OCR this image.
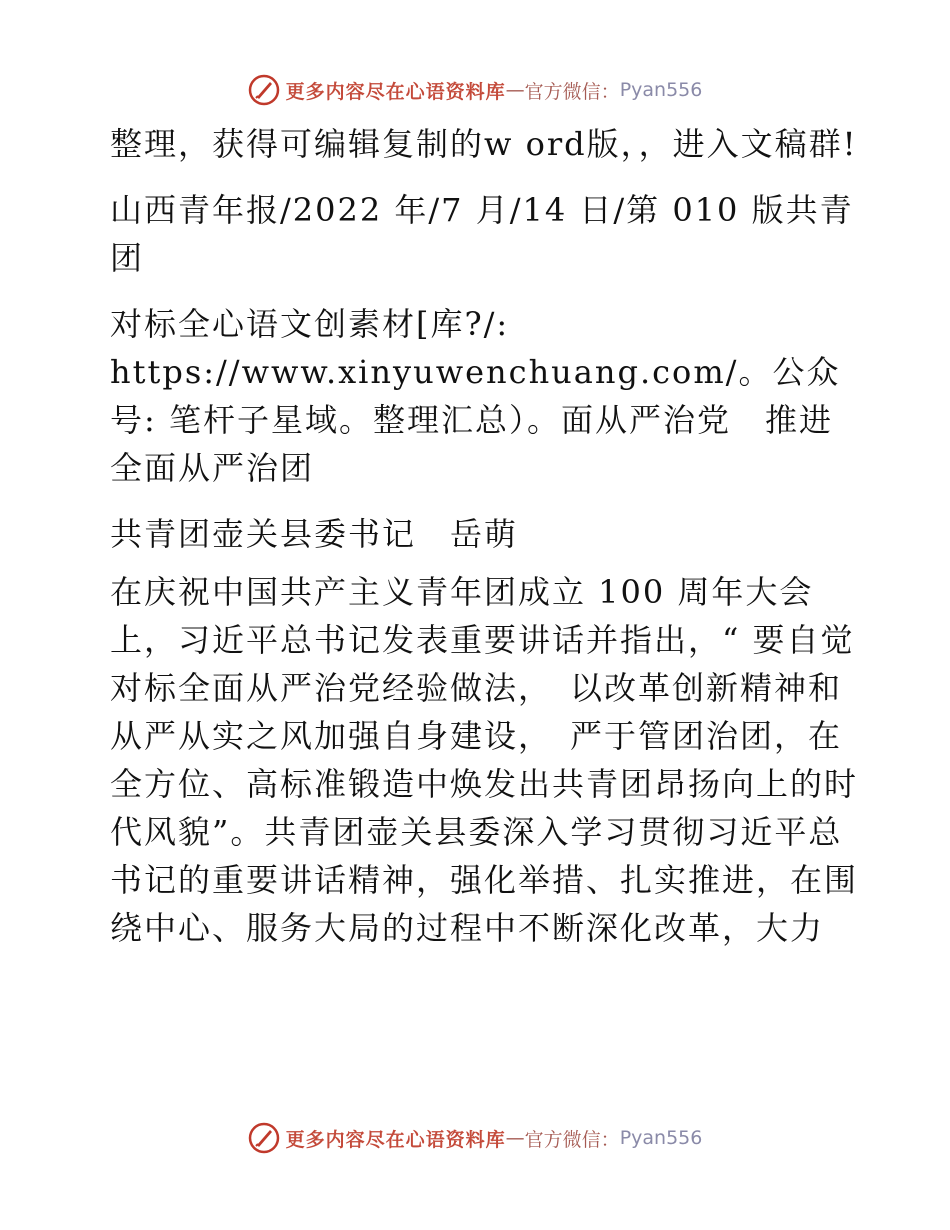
更多内容尽在心语资料库 — 官方微信： Pyan556

整理，获得可编辑复制的w ord版，，进入文稿群!

山西青年报/2022 年/7 月/14 日/第 010 版共青团

对标全心语文创素材[库?/: https://www.xinyuwenchuang.com/。公众号: 笔杆子星域。整理汇总）。面从严治党　推进全面从严治团

共青团壶关县委书记　岳萌

在庆祝中国共产主义青年团成立 100 周年大会上，习近平总书记发表重要讲话并指出，“ 要自觉对标全面从严治党经验做法，　以改革创新精神和从严从实之风加强自身建设，　严于管团治团，在全方位、高标准锻造中焕发出共青团昂扬向上的时代风貌”。共青团壶关县委深入学习贯彻习近平总书记的重要讲话精神，强化举措、扎实推进，在围绕中心、服务大局的过程中不断深化改革，大力

更多内容尽在心语资料库 — 官方微信： Pyan556
